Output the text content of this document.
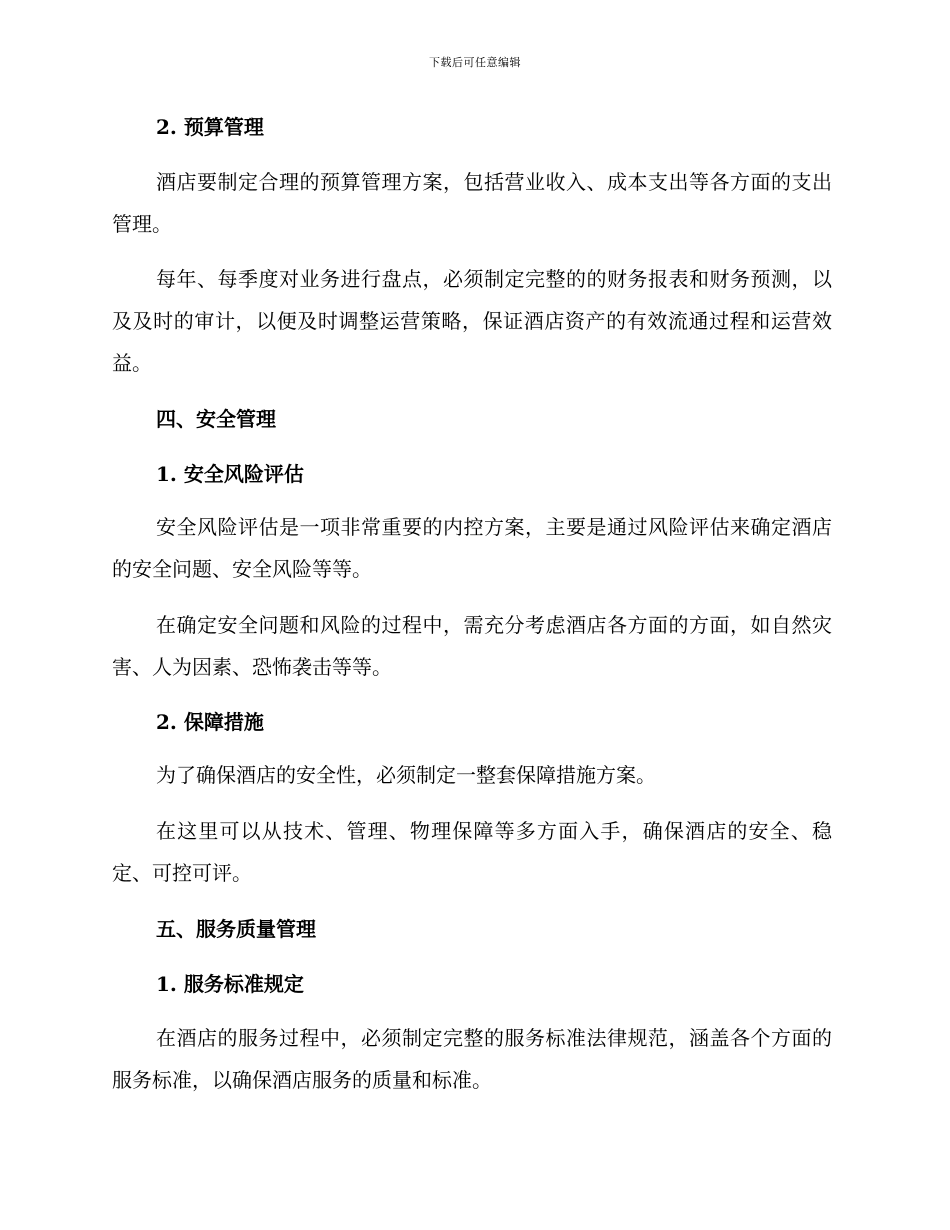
下载后可任意编辑
2. 预算管理

酒店要制定合理的预算管理方案，包括营业收入、成本支出等各方面的支出管理。

每年、每季度对业务进行盘点，必须制定完整的的财务报表和财务预测，以及及时的审计，以便及时调整运营策略，保证酒店资产的有效流通过程和运营效益。

四、安全管理
1. 安全风险评估

安全风险评估是一项非常重要的内控方案，主要是通过风险评估来确定酒店的安全问题、安全风险等等。

在确定安全问题和风险的过程中，需充分考虑酒店各方面的方面，如自然灾害、人为因素、恐怖袭击等等。

2. 保障措施

为了确保酒店的安全性，必须制定一整套保障措施方案。

在这里可以从技术、管理、物理保障等多方面入手，确保酒店的安全、稳定、可控可评。

五、服务质量管理
1. 服务标准规定

在酒店的服务过程中，必须制定完整的服务标准法律规范，涵盖各个方面的服务标准，以确保酒店服务的质量和标准。
